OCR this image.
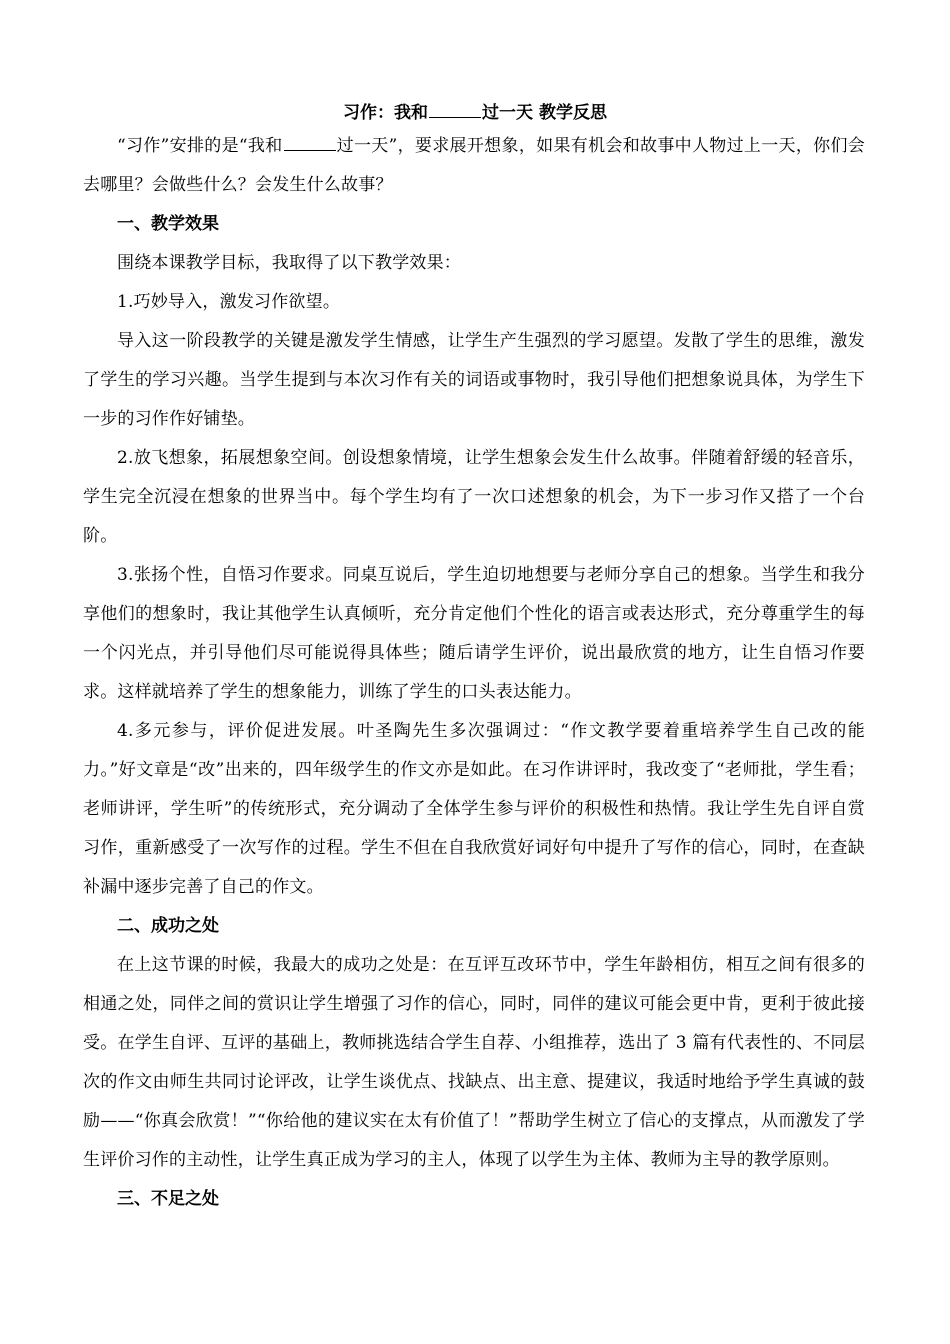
习作：我和	过一天 教学反思

“习作”安排的是“我和	过一天”，要求展开想象，如果有机会和故事中人物过上一天，你们会去哪里？会做些什么？会发生什么故事？

一、教学效果

围绕本课教学目标，我取得了以下教学效果：

1.巧妙导入，激发习作欲望。

导入这一阶段教学的关键是激发学生情感，让学生产生强烈的学习愿望。发散了学生的思维，激发了学生的学习兴趣。当学生提到与本次习作有关的词语或事物时，我引导他们把想象说具体，为学生下一步的习作作好铺垫。

2.放飞想象，拓展想象空间。创设想象情境，让学生想象会发生什么故事。伴随着舒缓的轻音乐，学生完全沉浸在想象的世界当中。每个学生均有了一次口述想象的机会，为下一步习作又搭了一个台阶。

3.张扬个性，自悟习作要求。同桌互说后，学生迫切地想要与老师分享自己的想象。当学生和我分享他们的想象时，我让其他学生认真倾听，充分肯定他们个性化的语言或表达形式，充分尊重学生的每一个闪光点，并引导他们尽可能说得具体些；随后请学生评价，说出最欣赏的地方，让生自悟习作要求。这样就培养了学生的想象能力，训练了学生的口头表达能力。

4.多元参与，评价促进发展。叶圣陶先生多次强调过：“作文教学要着重培养学生自己改的能力。”好文章是“改”出来的，四年级学生的作文亦是如此。在习作讲评时，我改变了“老师批，学生看；老师讲评，学生听”的传统形式，充分调动了全体学生参与评价的积极性和热情。我让学生先自评自赏习作，重新感受了一次写作的过程。学生不但在自我欣赏好词好句中提升了写作的信心，同时，在查缺补漏中逐步完善了自己的作文。

二、成功之处

在上这节课的时候，我最大的成功之处是：在互评互改环节中，学生年龄相仿，相互之间有很多的相通之处，同伴之间的赏识让学生增强了习作的信心，同时，同伴的建议可能会更中肯，更利于彼此接受。在学生自评、互评的基础上，教师挑选结合学生自荐、小组推荐，选出了 3 篇有代表性的、不同层次的作文由师生共同讨论评改，让学生谈优点、找缺点、出主意、提建议，我适时地给予学生真诚的鼓励——“你真会欣赏！”“你给他的建议实在太有价值了！”帮助学生树立了信心的支撑点，从而激发了学生评价习作的主动性，让学生真正成为学习的主人，体现了以学生为主体、教师为主导的教学原则。

三、不足之处
